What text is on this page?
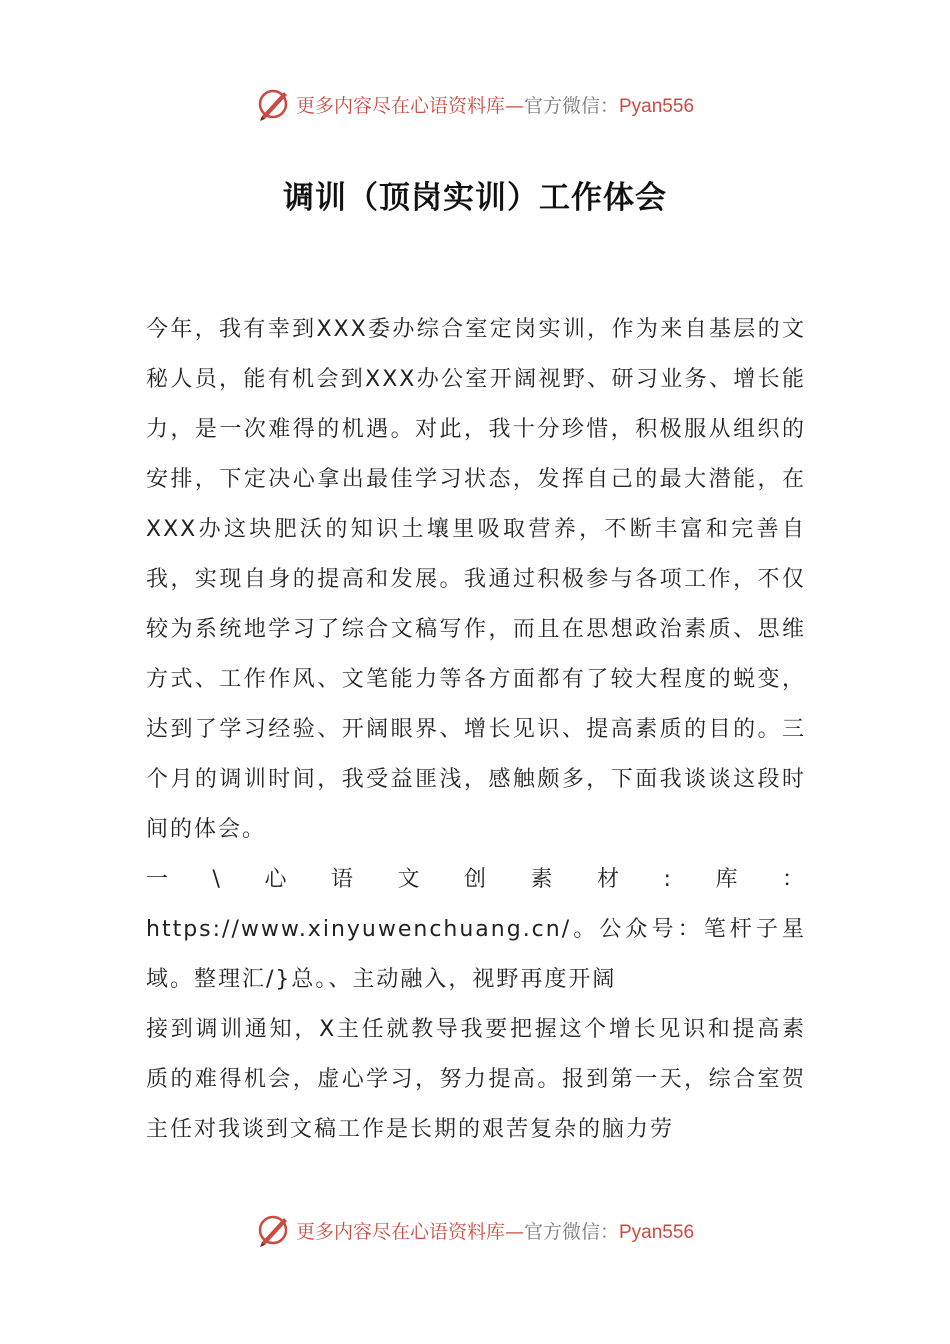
更多内容尽在心语资料库—官方微信：Pyan556
调训（顶岗实训）工作体会

今年，我有幸到XXX委办综合室定岗实训，作为来自基层的文秘人员，能有机会到XXX办公室开阔视野、研习业务、增长能力，是一次难得的机遇。对此，我十分珍惜，积极服从组织的安排，下定决心拿出最佳学习状态，发挥自己的最大潜能，在XXX办这块肥沃的知识土壤里吸取营养，不断丰富和完善自我，实现自身的提高和发展。我通过积极参与各项工作，不仅较为系统地学习了综合文稿写作，而且在思想政治素质、思维方式、工作作风、文笔能力等各方面都有了较大程度的蜕变，达到了学习经验、开阔眼界、增长见识、提高素质的目的。三个月的调训时间，我受益匪浅，感触颇多，下面我谈谈这段时间的体会。

一\心语文创素材:库：https://www.xinyuwenchuang.cn/。公众号：笔杆子星域。整理汇/}总。、主动融入，视野再度开阔

接到调训通知，X主任就教导我要把握这个增长见识和提高素质的难得机会，虚心学习，努力提高。报到第一天，综合室贺主任对我谈到文稿工作是长期的艰苦复杂的脑力劳

更多内容尽在心语资料库—官方微信：Pyan556
